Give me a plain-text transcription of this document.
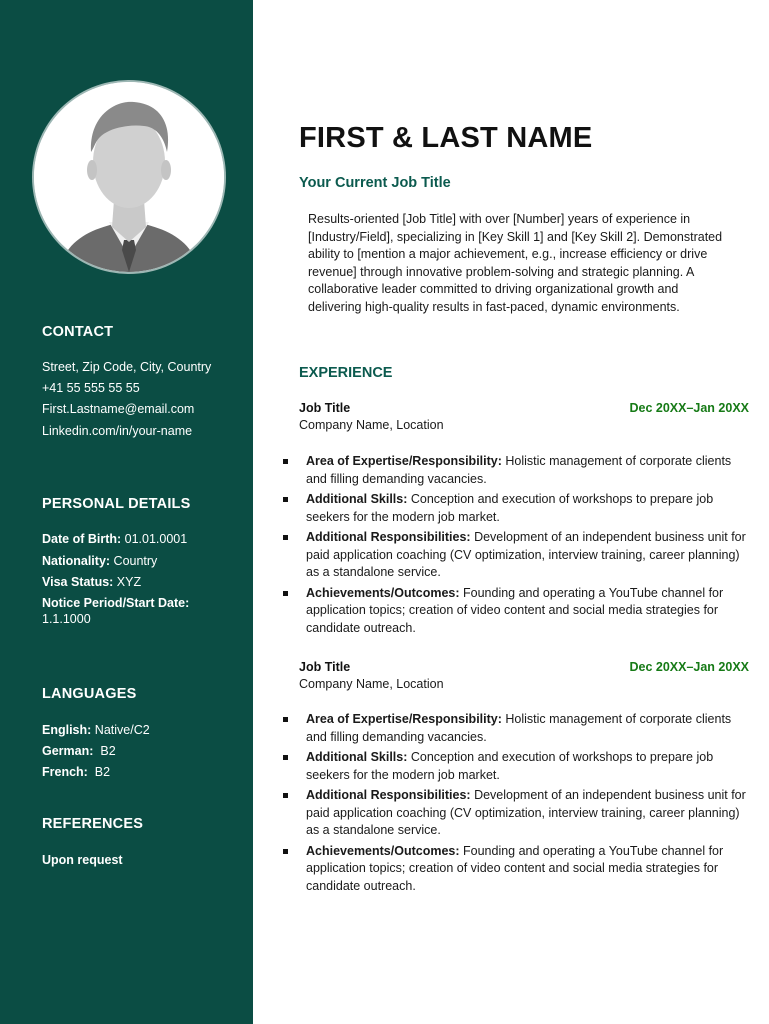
CONTACT
Street, Zip Code, City, Country
+41 55 555 55 55
First.Lastname@email.com
Linkedin.com/in/your-name
PERSONAL DETAILS
Date of Birth: 01.01.0001
Nationality: Country
Visa Status: XYZ
Notice Period/Start Date:
1.1.1000
LANGUAGES
English: Native/C2
German:  B2
French:  B2
REFERENCES
Upon request
FIRST & LAST NAME
Your Current Job Title
Results-oriented [Job Title] with over [Number] years of experience in [Industry/Field], specializing in [Key Skill 1] and [Key Skill 2]. Demonstrated ability to [mention a major achievement, e.g., increase efficiency or drive revenue] through innovative problem-solving and strategic planning. A collaborative leader committed to driving organizational growth and delivering high-quality results in fast-paced, dynamic environments.
EXPERIENCE
Job Title	Dec 20XX–Jan 20XX
Company Name, Location
Area of Expertise/Responsibility: Holistic management of corporate clients and filling demanding vacancies.
Additional Skills: Conception and execution of workshops to prepare job seekers for the modern job market.
Additional Responsibilities: Development of an independent business unit for paid application coaching (CV optimization, interview training, career planning) as a standalone service.
Achievements/Outcomes: Founding and operating a YouTube channel for application topics; creation of video content and social media strategies for candidate outreach.
Job Title	Dec 20XX–Jan 20XX
Company Name, Location
Area of Expertise/Responsibility: Holistic management of corporate clients and filling demanding vacancies.
Additional Skills: Conception and execution of workshops to prepare job seekers for the modern job market.
Additional Responsibilities: Development of an independent business unit for paid application coaching (CV optimization, interview training, career planning) as a standalone service.
Achievements/Outcomes: Founding and operating a YouTube channel for application topics; creation of video content and social media strategies for candidate outreach.
